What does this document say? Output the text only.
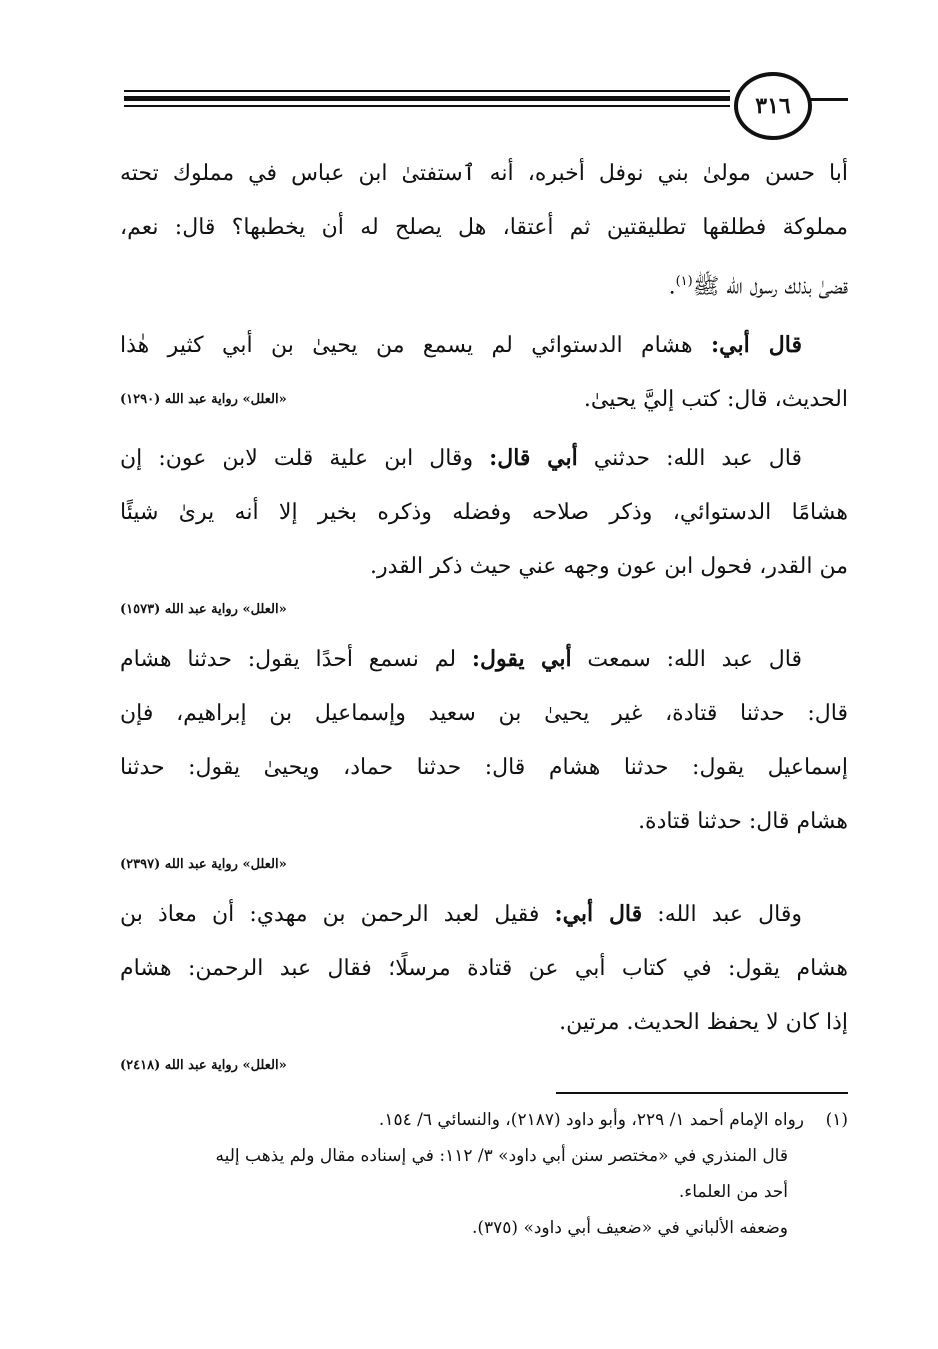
٣١٦
أبا حسن مولىٰ بني نوفل أخبره، أنه ٱستفتىٰ ابن عباس في مملوك تحته
مملوكة فطلقها تطليقتين ثم أعتقا، هل يصلح له أن يخطبها؟ قال: نعم،
قضىٰ بذلك رسول الله ﷺ$^{(١)}$.
قال أبي: هشام الدستوائي لم يسمع من يحيىٰ بن أبي كثير هٰذا
الحديث، قال: كتب إليَّ يحيىٰ.
«العلل» رواية عبد الله (١٢٩٠)
قال عبد الله: حدثني أبي قال: وقال ابن علية قلت لابن عون: إن
هشامًا الدستوائي، وذكر صلاحه وفضله وذكره بخير إلا أنه يرىٰ شيئًا
من القدر، فحول ابن عون وجهه عني حيث ذكر القدر.
«العلل» رواية عبد الله (١٥٧٣)
قال عبد الله: سمعت أبي يقول: لم نسمع أحدًا يقول: حدثنا هشام
قال: حدثنا قتادة، غير يحيىٰ بن سعيد وإسماعيل بن إبراهيم، فإن
إسماعيل يقول: حدثنا هشام قال: حدثنا حماد، ويحيىٰ يقول: حدثنا
هشام قال: حدثنا قتادة.
«العلل» رواية عبد الله (٢٣٩٧)
وقال عبد الله: قال أبي: فقيل لعبد الرحمن بن مهدي: أن معاذ بن
هشام يقول: في كتاب أبي عن قتادة مرسلًا؛ فقال عبد الرحمن: هشام
إذا كان لا يحفظ الحديث. مرتين.
«العلل» رواية عبد الله (٢٤١٨)
(١)رواه الإمام أحمد ١/ ٢٢٩، وأبو داود (٢١٨٧)، والنسائي ٦/ ١٥٤.
قال المنذري في «مختصر سنن أبي داود» ٣/ ١١٢: في إسناده مقال ولم يذهب إليه
أحد من العلماء.
وضعفه الألباني في «ضعيف أبي داود» (٣٧٥).
